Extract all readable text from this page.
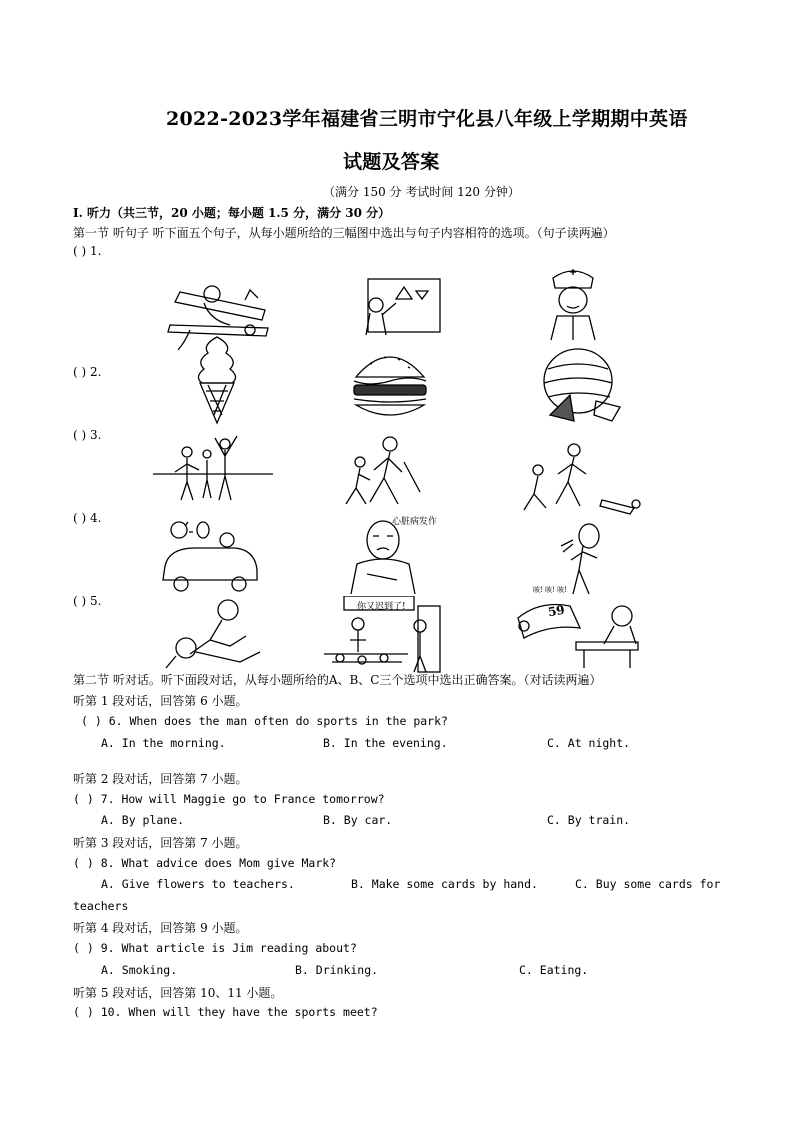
2022-2023学年福建省三明市宁化县八年级上学期期中英语
试题及答案
（满分 150 分 考试时间 120 分钟）
I. 听力（共三节，20 小题；每小题 1.5 分，满分 30 分）
第一节 听句子 听下面五个句子，从每小题所给的三幅图中选出与句子内容相符的选项。（句子读两遍）
( ) 1.
( ) 2.
( ) 3.
心脏病发作
( ) 4.
咳! 咳! 咳!
( ) 5.	你又迟到了!	59
第二节 听对话。听下面段对话，从每小题所给的A、B、C三个选项中选出正确答案。（对话读两遍）
听第 1 段对话，回答第 6 小题。
( ) 6. When does the man often do sports in the park?
A. In the morning.	B. In the evening.	C. At night.
听第 2 段对话，回答第 7 小题。
( ) 7. How will Maggie go to France tomorrow?
A. By plane.	B. By car.	C. By train.
听第 3 段对话，回答第 7 小题。
( ) 8. What advice does Mom give Mark?
A. Give flowers to teachers.	B. Make some cards by hand.	C. Buy some cards for
teachers
听第 4 段对话，回答第 9 小题。
( ) 9. What article is Jim reading about?
A. Smoking.	B. Drinking.	C. Eating.
听第 5 段对话，回答第 10、11 小题。
( ) 10. When will they have the sports meet?
